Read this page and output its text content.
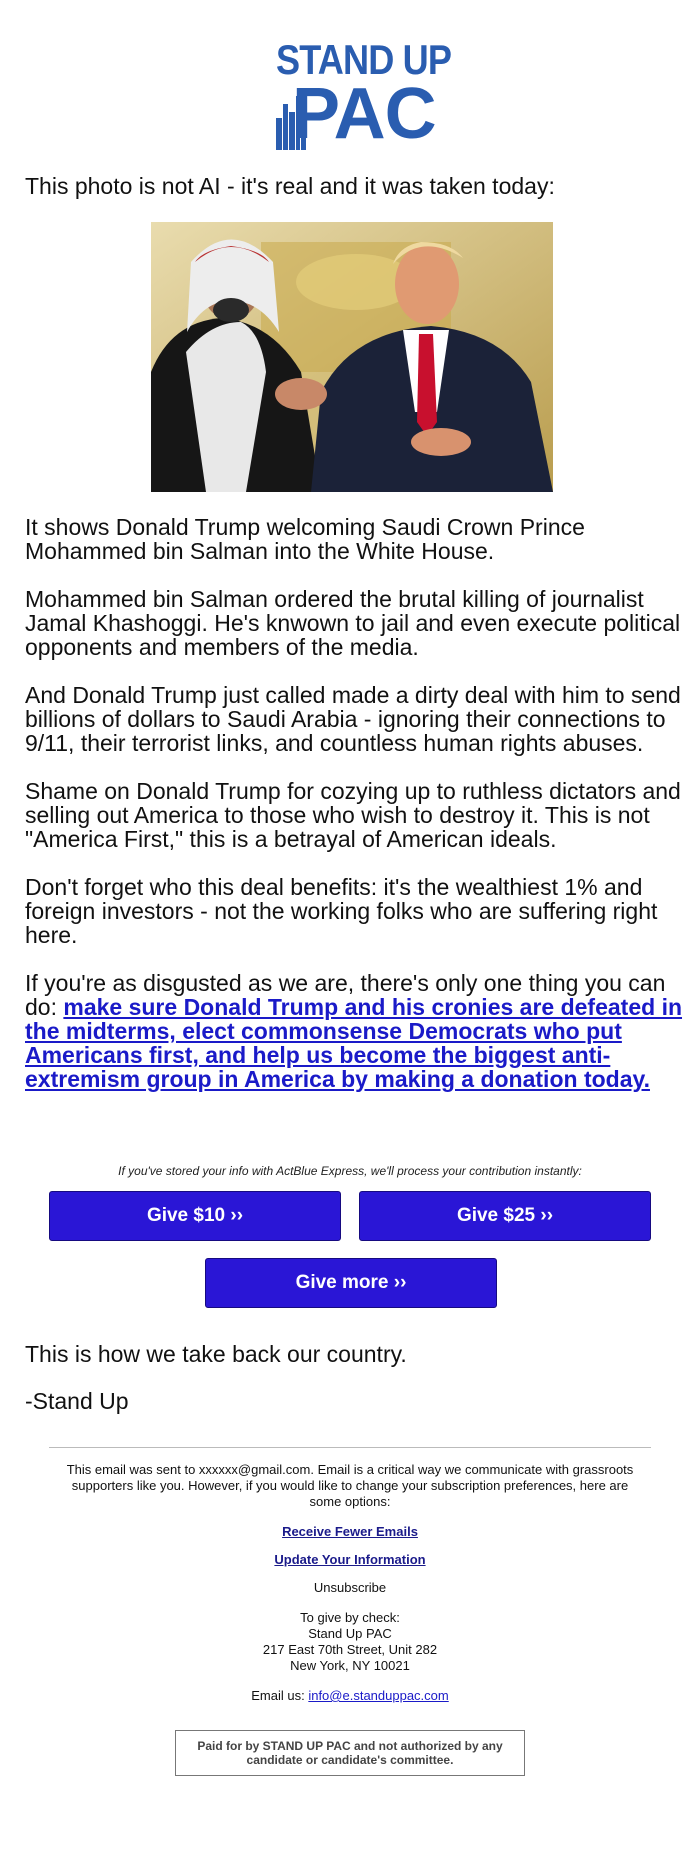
STAND UP
PAC

This photo is not AI - it's real and it was taken today:

It shows Donald Trump welcoming Saudi Crown Prince Mohammed bin Salman into the White House.

Mohammed bin Salman ordered the brutal killing of journalist Jamal Khashoggi. He's knwown to jail and even execute political opponents and members of the media.

And Donald Trump just called made a dirty deal with him to send billions of dollars to Saudi Arabia - ignoring their connections to 9/11, their terrorist links, and countless human rights abuses.

Shame on Donald Trump for cozying up to ruthless dictators and selling out America to those who wish to destroy it. This is not "America First," this is a betrayal of American ideals.

Don't forget who this deal benefits: it's the wealthiest 1% and foreign investors - not the working folks who are suffering right here.

If you're as disgusted as we are, there's only one thing you can do: make sure Donald Trump and his cronies are defeated in the midterms, elect commonsense Democrats who put Americans first, and help us become the biggest anti-extremism group in America by making a donation today.

If you've stored your info with ActBlue Express, we'll process your contribution instantly:

Give $10 ››	Give $25 ››
Give more ››

This is how we take back our country.

-Stand Up

This email was sent to xxxxxx@gmail.com. Email is a critical way we communicate with grassroots supporters like you. However, if you would like to change your subscription preferences, here are some options:

Receive Fewer Emails

Update Your Information

Unsubscribe

To give by check:

Stand Up PAC

217 East 70th Street, Unit 282

New York, NY 10021

Email us: info@e.standuppac.com

Paid for by STAND UP PAC and not authorized by any candidate or candidate's committee.
